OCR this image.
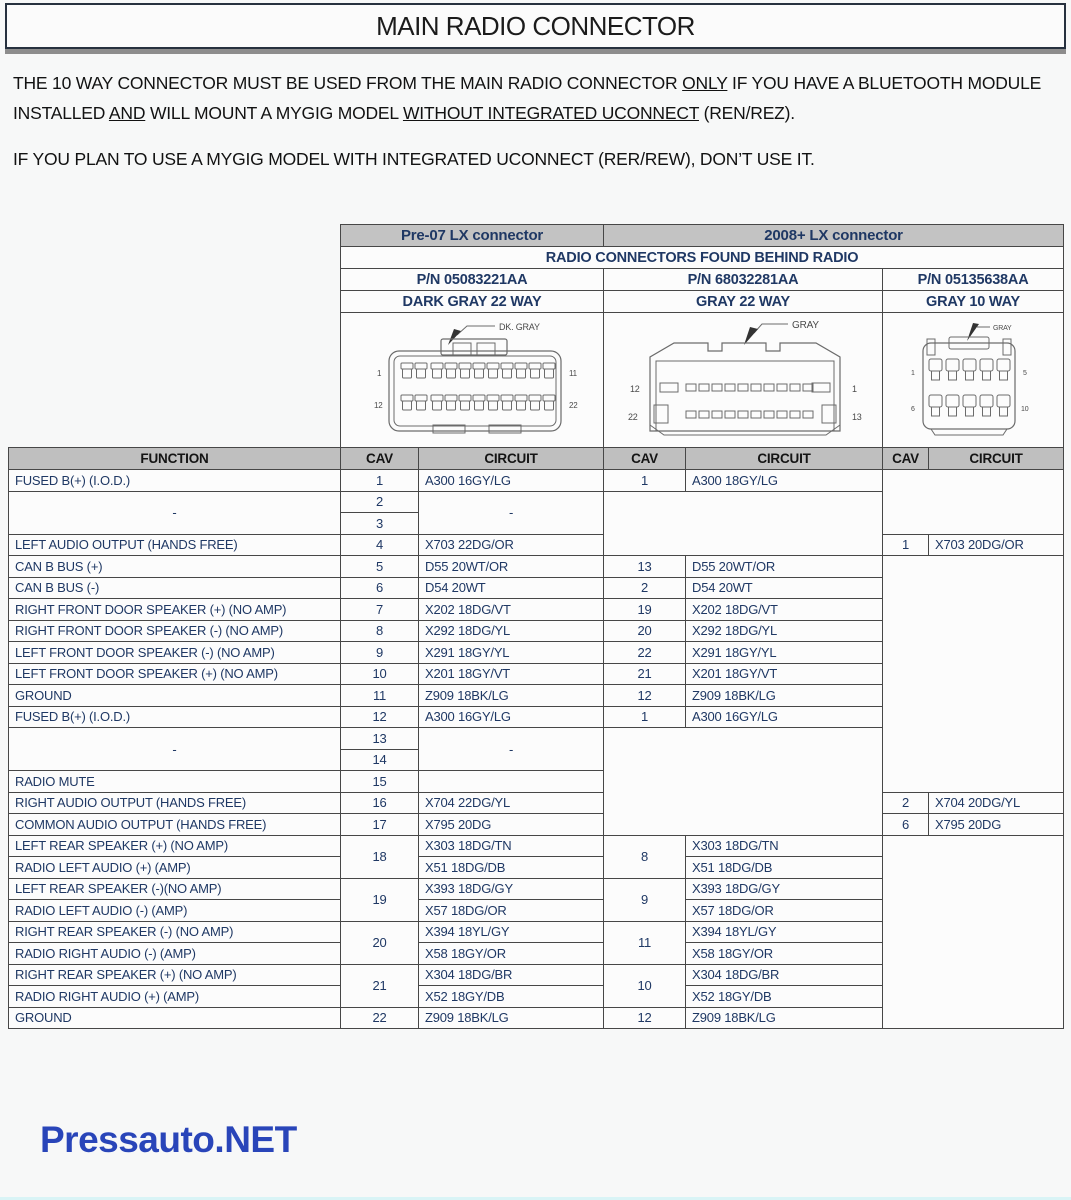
MAIN RADIO CONNECTOR
THE 10 WAY CONNECTOR MUST BE USED FROM THE MAIN RADIO CONNECTOR ONLY IF YOU HAVE A BLUETOOTH MODULE
INSTALLED AND WILL MOUNT A MYGIG MODEL WITHOUT INTEGRATED UCONNECT (REN/REZ).
IF YOU PLAN TO USE A MYGIG MODEL WITH INTEGRATED UCONNECT (RER/REW), DON’T USE IT.
	Pre-07 LX connector		2008+ LX connector			
	RADIO CONNECTORS FOUND BEHIND RADIO					
	P/N 05083221AA		P/N 68032281AA		P/N 05135638AA	
	DARK GRAY 22 WAY		GRAY 22 WAY		GRAY 10 WAY	

DK. GRAY
1 11
12 22		GRAY
12 1
22 13		GRAY
1 5
6 10	

FUNCTION	CAV	CIRCUIT	CAV	CIRCUIT	CAV	CIRCUIT
FUSED B(+) (I.O.D.)	1	A300 16GY/LG	1	A300 18GY/LG		
-	2	-				
	3					
LEFT AUDIO OUTPUT (HANDS FREE)	4	X703 22DG/OR			1	X703 20DG/OR
CAN B BUS (+)	5	D55 20WT/OR	13	D55 20WT/OR		
CAN B BUS (-)	6	D54 20WT	2	D54 20WT		
RIGHT FRONT DOOR SPEAKER (+) (NO AMP)	7	X202 18DG/VT	19	X202 18DG/VT		
RIGHT FRONT DOOR SPEAKER (-) (NO AMP)	8	X292 18DG/YL	20	X292 18DG/YL		
LEFT FRONT DOOR SPEAKER (-) (NO AMP)	9	X291 18GY/YL	22	X291 18GY/YL		
LEFT FRONT DOOR SPEAKER (+) (NO AMP)	10	X201 18GY/VT	21	X201 18GY/VT		
GROUND	11	Z909 18BK/LG	12	Z909 18BK/LG		
FUSED B(+) (I.O.D.)	12	A300 16GY/LG	1	A300 16GY/LG		
-	13	-				
	14					
RADIO MUTE	15					
RIGHT AUDIO OUTPUT (HANDS FREE)	16	X704 22DG/YL			2	X704 20DG/YL
COMMON AUDIO OUTPUT (HANDS FREE)	17	X795 20DG			6	X795 20DG
LEFT REAR SPEAKER (+) (NO AMP)	18	X303 18DG/TN	8	X303 18DG/TN		
RADIO LEFT AUDIO (+) (AMP)		X51 18DG/DB		X51 18DG/DB		
LEFT REAR SPEAKER (-)(NO AMP)	19	X393 18DG/GY	9	X393 18DG/GY		
RADIO LEFT AUDIO (-) (AMP)		X57 18DG/OR		X57 18DG/OR		
RIGHT REAR SPEAKER (-) (NO AMP)	20	X394 18YL/GY	11	X394 18YL/GY		
RADIO RIGHT AUDIO (-) (AMP)		X58 18GY/OR		X58 18GY/OR		
RIGHT REAR SPEAKER (+) (NO AMP)	21	X304 18DG/BR	10	X304 18DG/BR		
RADIO RIGHT AUDIO (+) (AMP)		X52 18GY/DB		X52 18GY/DB		
GROUND	22	Z909 18BK/LG	12	Z909 18BK/LG		
Pressauto.NET
